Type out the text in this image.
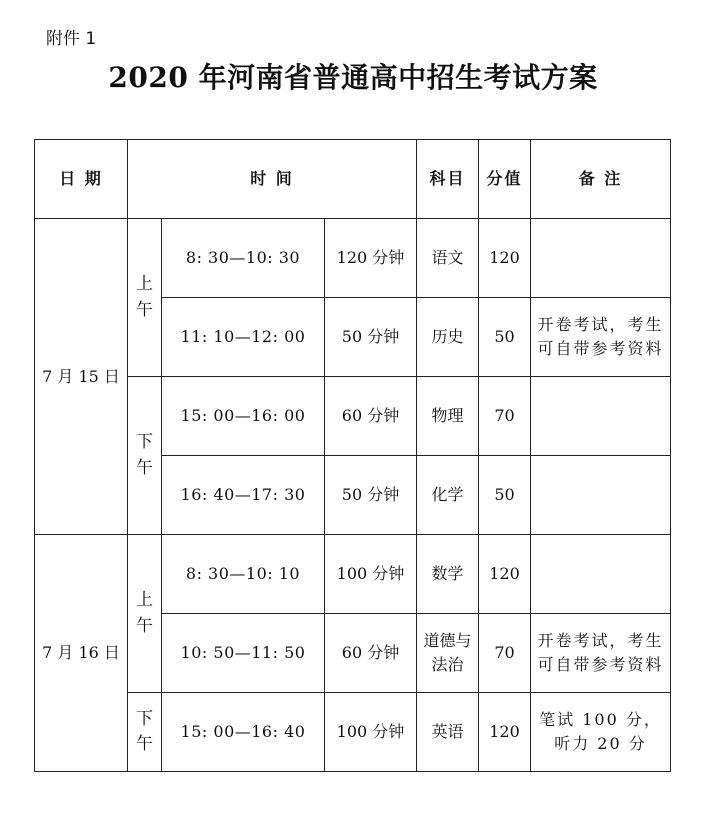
附件 1
2020 年河南省普通高中招生考试方案
日 期	时 间			科目	分值	备 注
7 月 15 日	上午	8: 30—10: 30	120 分钟	语文	120	
		11: 10—12: 00	50 分钟	历史	50	开卷考试，考生可自带参考资料

	下午	15: 00—16: 00	60 分钟	物理	70	
		16: 40—17: 30	50 分钟	化学	50	
7 月 16 日	上午	8: 30—10: 10	100 分钟	数学	120	
		10: 50—11: 50	60 分钟	道德与法治	70	开卷考试，考生可自带参考资料

	下午	15: 00—16: 40	100 分钟	英语	120	笔试 100 分，听力 20 分
